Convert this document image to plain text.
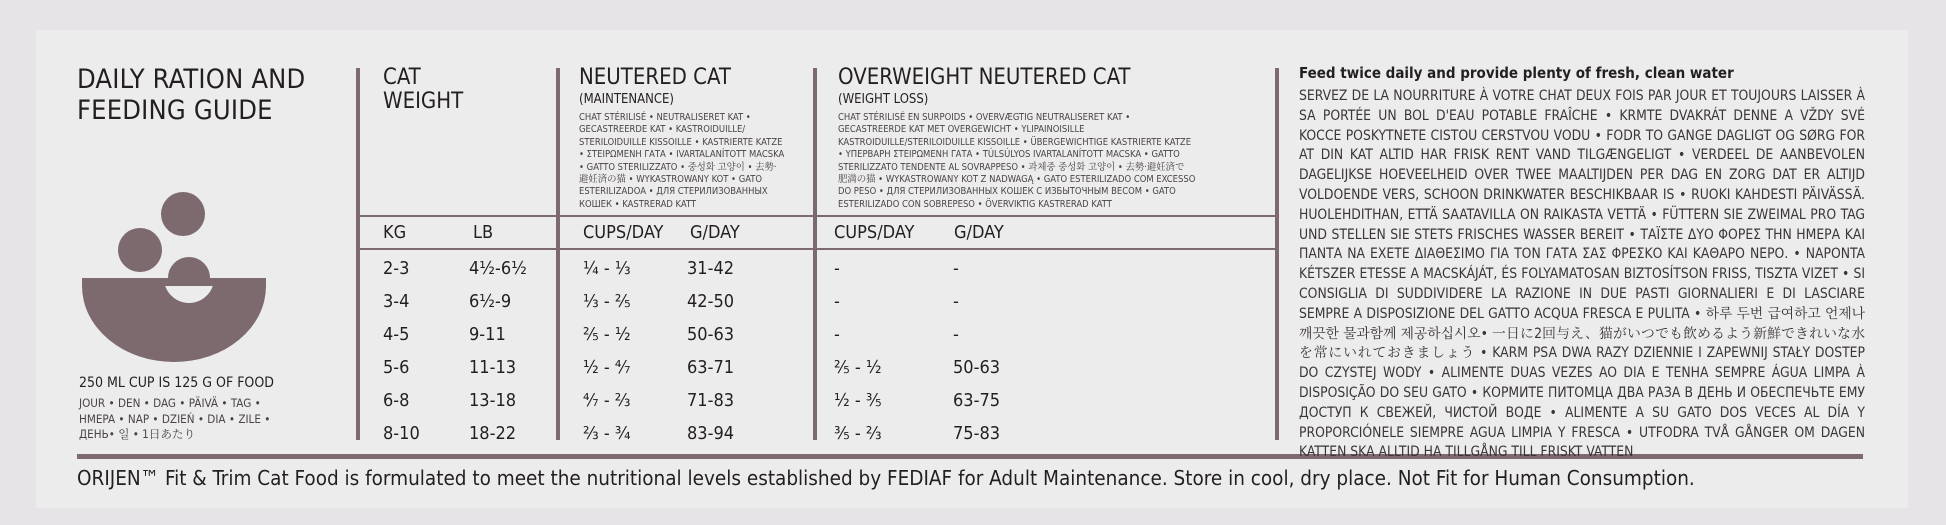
DAILY RATION AND
FEEDING GUIDE
250 ML CUP IS 125 G OF FOOD
JOUR • DEN • DAG • PÄIVÄ • TAG •
HMEPA • NAP • DZIEŃ • DIA • ZILE •
ДЕНЬ• 일 • 1日あたり
CAT
WEIGHT
NEUTERED CAT
(MAINTENANCE)
CHAT STÉRILISÉ • NEUTRALISERET KAT •
GECASTREERDE KAT • KASTROIDUILLE/
STERILOIDUILLE KISSOILLE • KASTRIERTE KATZE
• ΣΤΕΙΡΩΜΕΝΗ ΓΑΤΑ • IVARTALANÍTOTT MACSKA
• GATTO STERILIZZATO • 중성화 고양이 • 去勢·
避妊済の猫 • WYKASTROWANY KOT • GATO
ESTERILIZADOA • ДЛЯ СТЕРИЛИЗОВАННЫХ
КОШЕК • KASTRERAD KATT
OVERWEIGHT NEUTERED CAT
(WEIGHT LOSS)
CHAT STÉRILISÉ EN SURPOIDS • OVERVÆGTIG NEUTRALISERET KAT •
GECASTREERDE KAT MET OVERGEWICHT • YLIPAINOISILLE
KASTROIDUILLE/STERILOIDUILLE KISSOILLE • ÜBERGEWICHTIGE KASTRIERTE KATZE
• ΥΠΕΡΒΑΡΗ ΣΤΕΙΡΩΜΕΝΗ ΓΑΤΑ • TÚLSÚLYOS IVARTALANÍTOTT MACSKA • GATTO
STERILIZZATO TENDENTE AL SOVRAPPESO • 과체중 중성화 고양이 • 去勢·避妊済で
肥満の猫 • WYKASTROWANY KOT Z NADWAGĄ • GATO ESTERILIZADO COM EXCESSO
DO PESO • ДЛЯ СТЕРИЛИЗОВАННЫХ КОШЕК С ИЗБЫТОЧНЫМ ВЕСОМ • GATO
ESTERILIZADO CON SOBREPESO • ÖVERVIKTIG KASTRERAD KATT
KG	LB	CUPS/DAY G/DAY	CUPS/DAY G/DAY
2-3	4½-6½	¼ - ⅓	31-42	-	-
3-4	6½-9	⅓ - ⅖	42-50	-	-
4-5	9-11	⅖ - ½	50-63	-	-
5-6	11-13	½ - ⁴⁄₇	63-71	⅖ - ½	50-63
6-8	13-18	⁴⁄₇ - ⅔	71-83	½ - ⅗	63-75
8-10	18-22	⅔ - ¾	83-94	⅗ - ⅔	75-83
Feed twice daily and provide plenty of fresh, clean water
SERVEZ DE LA NOURRITURE À VOTRE CHAT DEUX FOIS PAR JOUR ET TOUJOURS LAISSER À SA PORTÉE UN BOL D'EAU POTABLE FRAÎCHE • KRMTE DVAKRÁT DENNE A VŽDY SVÉ KOCCE POSKYTNETE CISTOU CERSTVOU VODU • FODR TO GANGE DAGLIGT OG SØRG FOR AT DIN KAT ALTID HAR FRISK RENT VAND TILGÆNGELIGT • VERDEEL DE AANBEVOLEN DAGELIJKSE HOEVEELHEID OVER TWEE MAALTIJDEN PER DAG EN ZORG DAT ER ALTIJD VOLDOENDE VERS, SCHOON DRINKWATER BESCHIKBAAR IS • RUOKI KAHDESTI PÄIVÄSSÄ. HUOLEHDITHAN, ETTÄ SAATAVILLA ON RAIKASTA VETTÄ • FÜTTERN SIE ZWEIMAL PRO TAG UND STELLEN SIE STETS FRISCHES WASSER BEREIT • ΤΑΪΣΤΕ ΔΥΟ ΦΟΡΕΣ ΤΗΝ ΗΜΕΡΑ ΚΑΙ ΠΑΝΤΑ ΝΑ ΕΧΕΤΕ ΔΙΑΘΕΣΙΜΟ ΓΙΑ ΤΟΝ ΓΑΤΑ ΣΑΣ ΦΡΕΣΚΟ ΚΑΙ ΚΑΘΑΡΟ ΝΕΡΟ. • NAPONTA KÉTSZER ETESSE A MACSKÁJÁT, ÉS FOLYAMATOSAN BIZTOSÍTSON FRISS, TISZTA VIZET • SI CONSIGLIA DI SUDDIVIDERE LA RAZIONE IN DUE PASTI GIORNALIERI E DI LASCIARE SEMPRE A DISPOSIZIONE DEL GATTO ACQUA FRESCA E PULITA • 하루 두번 급여하고 언제나 깨끗한 물과함께 제공하십시오• 一日に2回与え、猫がいつでも飲めるよう新鮮できれいな水を常にいれておきましょう • KARM PSA DWA RAZY DZIENNIE I ZAPEWNIJ STAŁY DOSTEP DO CZYSTEJ WODY • ALIMENTE DUAS VEZES AO DIA E TENHA SEMPRE ÁGUA LIMPA À DISPOSIÇÃO DO SEU GATO • КОРМИТЕ ПИТОМЦА ДВА РАЗА В ДЕНЬ И ОБЕСПЕЧЬТЕ ЕМУ ДОСТУП К СВЕЖЕЙ, ЧИСТОЙ ВОДЕ • ALIMENTE A SU GATO DOS VECES AL DÍA Y PROPORCIÓNELE SIEMPRE AGUA LIMPIA Y FRESCA • UTFODRA TVÅ GÅNGER OM DAGEN KATTEN SKA ALLTID HA TILLGÅNG TILL FRISKT VATTEN
ORIJEN™ Fit & Trim Cat Food is formulated to meet the nutritional levels established by FEDIAF for Adult Maintenance. Store in cool, dry place. Not Fit for Human Consumption.
